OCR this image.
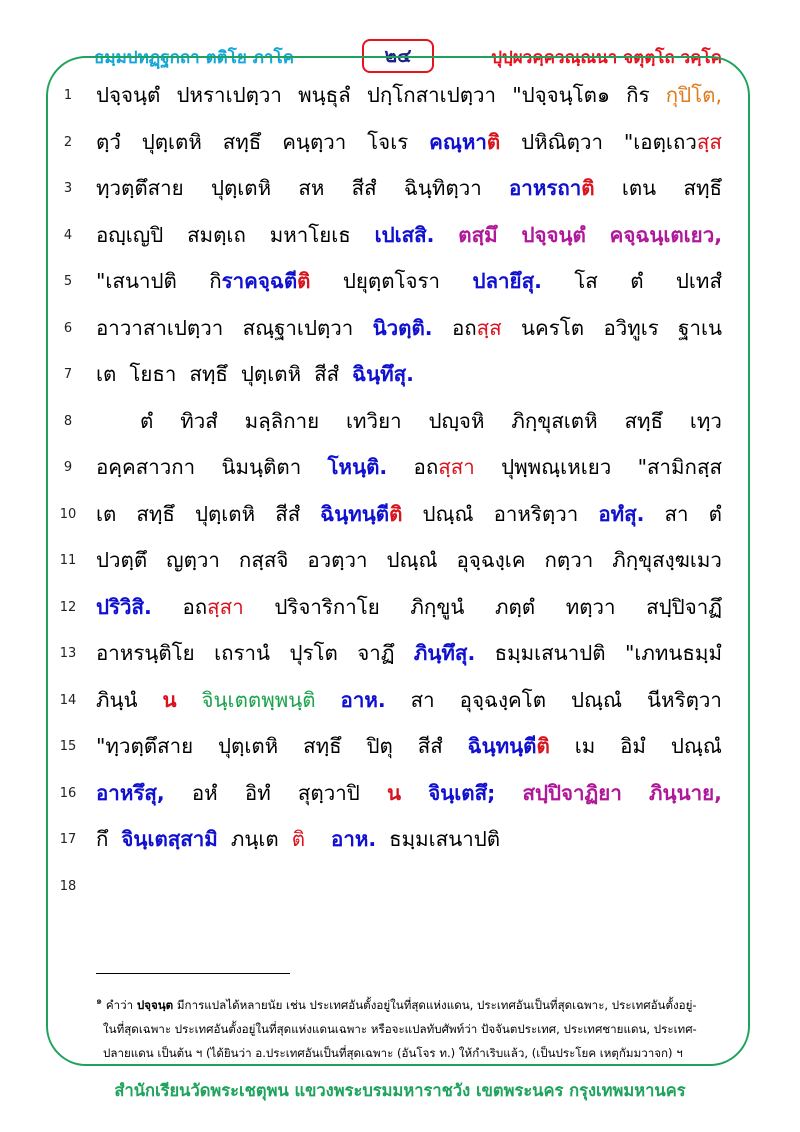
ธมฺมปทฏฺฐกถา ตติโย ภาโค	๒๔	ปุปฺผวคฺควณฺณนา จตุตฺโถ วคฺโค
1	ปจฺจนฺตํ ปหราเปตฺวา พนฺธุลํ ปกฺโกสาเปตฺวา "ปจฺจนฺโต๑ กิร กุปิโต,
2	ตฺวํ ปุตฺเตหิ สทฺธึ คนฺตฺวา โจเร คณฺหาติ ปหิณิตฺวา "เอตฺเถวสฺส
3	ทฺวตฺตึสาย ปุตฺเตหิ สห สีสํ ฉินฺทิตฺวา อาหรถาติ เตน สทฺธึ
4	อญฺเญปิ สมตฺเถ มหาโยเธ เปเสสิ. ตสฺมึ ปจฺจนฺตํ คจฺฉนฺเตเยว,
5	"เสนาปติ กิราคจฺฉตีติ ปยุตฺตโจรา ปลายึสุ. โส ตํ ปเทสํ
6	อาวาสาเปตฺวา สณฺฐาเปตฺวา นิวตฺติ. อถสฺส นครโต อวิทูเร ฐาเน
7	เต โยธา สทฺธึ ปุตฺเตหิ สีสํ ฉินฺทึสุ.
8	ตํ ทิวสํ มลฺลิกาย เทวิยา ปญฺจหิ ภิกฺขุสเตหิ สทฺธึ เทฺว
9	อคฺคสาวกา นิมนฺติตา โหนฺติ. อถสฺสา ปุพฺพณฺเหเยว "สามิกสฺส
10 เต สทฺธึ ปุตฺเตหิ สีสํ ฉินฺทนฺตีติ ปณฺณํ อาหริตฺวา อทํสุ. สา ตํ
11 ปวตฺตึ ญตฺวา กสฺสจิ อวตฺวา ปณฺณํ อุจฺฉงฺเค กตฺวา ภิกฺขุสงฺฆเมว
12 ปริวิสิ. อถสฺสา ปริจาริกาโย ภิกฺขูนํ ภตฺตํ ทตฺวา สปฺปิจาฏึ
13 อาหรนฺติโย เถรานํ ปุรโต จาฏึ ภินฺทึสุ. ธมฺมเสนาปติ "เภทนธมฺมํ
14 ภินฺนํ น จินฺเตตพฺพนฺติ อาห. สา อุจฺฉงฺคโต ปณฺณํ นีหริตฺวา
15 "ทฺวตฺตึสาย ปุตฺเตหิ สทฺธึ ปิตุ สีสํ ฉินฺทนฺตีติ เม อิมํ ปณฺณํ
16 อาหรึสุ, อหํ อิทํ สุตฺวาปิ น จินฺเตสึ; สปฺปิจาฏิยา ภินฺนาย,
17 กึ จินฺเตสฺสามิ ภนฺเต ติ	อาห. ธมฺมเสนาปติ
18
$^๑$ คำว่า ปจฺจนฺต มีการแปลได้หลายนัย เช่น ประเทศอันตั้งอยู่ในที่สุดแห่งแดน, ประเทศอันเป็นที่สุดเฉพาะ, ประเทศอันตั้งอยู่-
ในที่สุดเฉพาะ ประเทศอันตั้งอยู่ในที่สุดแห่งแดนเฉพาะ หรือจะแปลทับศัพท์ว่า ปัจจันตประเทศ, ประเทศชายแดน, ประเทศ-
ปลายแดน เป็นต้น ฯ (ได้ยินว่า อ.ประเทศอันเป็นที่สุดเฉพาะ (อันโจร ท.) ให้กำเริบแล้ว, (เป็นประโยค เหตุกัมมวาจก) ฯ
สำนักเรียนวัดพระเชตุพน แขวงพระบรมมหาราชวัง เขตพระนคร กรุงเทพมหานคร
